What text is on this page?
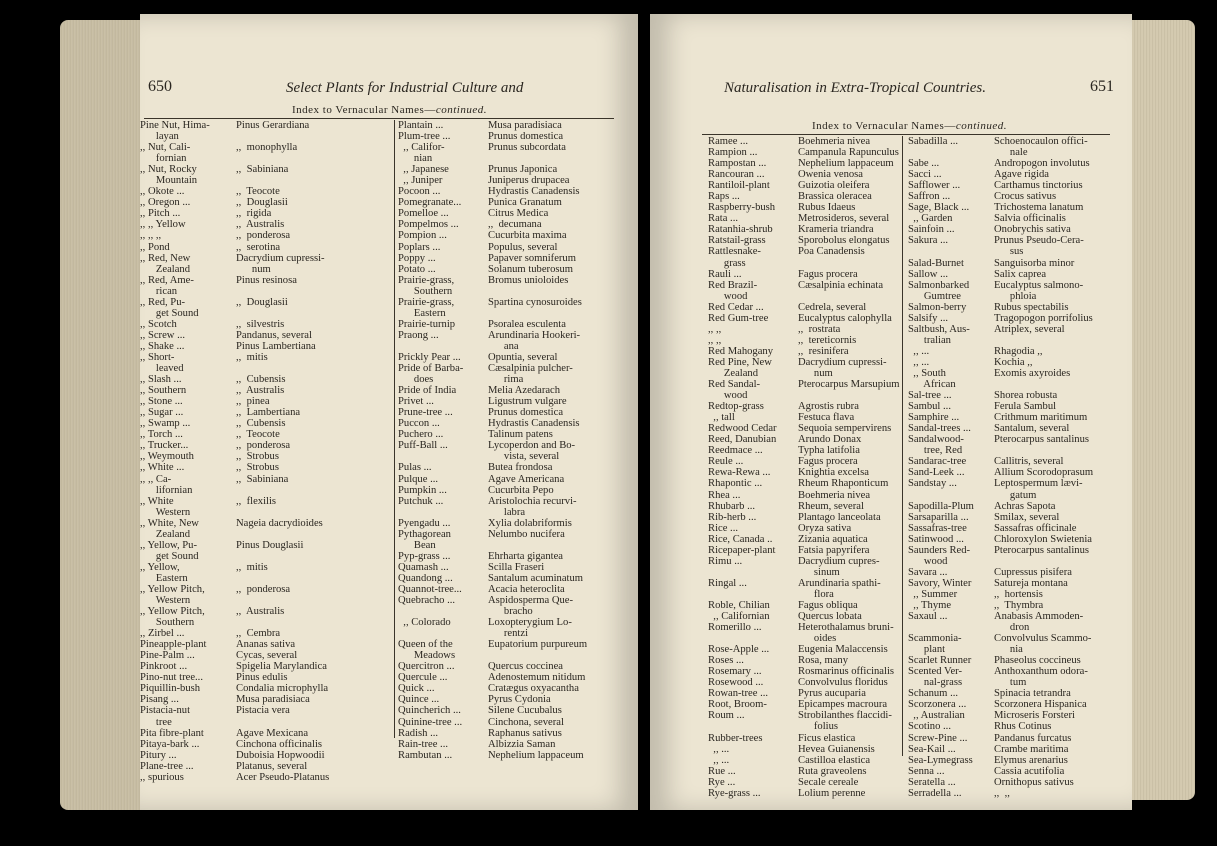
650	Select Plants for Industrial Culture and
Index to Vernacular Names—continued.
Pine Nut, Hima-	Pinus Gerardiana
layan
,, Nut, Cali-	,,  monophylla
fornian
,, Nut, Rocky	,,  Sabiniana
Mountain
,, Okote ...	,,  Teocote
,, Oregon ...	,,  Douglasii
,, Pitch ...	,,  rigida
,, ,, Yellow	,,  Australis
,, ,, ,,	,,  ponderosa
,, Pond	,,  serotina
,, Red, New	Dacrydium cupressi-
Zealand	num
,, Red, Ame-	Pinus resinosa
rican
,, Red, Pu-	,,  Douglasii
get Sound
,, Scotch	,,  silvestris
,, Screw ...	Pandanus, several
,, Shake ...	Pinus Lambertiana
,, Short-	,,  mitis
leaved
,, Slash ...	,,  Cubensis
,, Southern	,,  Australis
,, Stone ...	,,  pinea
,, Sugar ...	,,  Lambertiana
,, Swamp ...	,,  Cubensis
,, Torch ...	,,  Teocote
,, Trucker...	,,  ponderosa
,, Weymouth	,,  Strobus
,, White ...	,,  Strobus
,, ,, Ca-	,,  Sabiniana
lifornian
,, White	,,  flexilis
Western
,, White, New	Nageia dacrydioides
Zealand
,, Yellow, Pu-	Pinus Douglasii
get Sound
,, Yellow,	,,  mitis
Eastern
,, Yellow Pitch,	,,  ponderosa
Western
,, Yellow Pitch,	,,  Australis
Southern
,, Zirbel ...	,,  Cembra
Pineapple-plant	Ananas sativa
Pine-Palm ...	Cycas, several
Pinkroot ...	Spigelia Marylandica
Pino-nut tree...	Pinus edulis
Piquillin-bush	Condalia microphylla
Pisang ...	Musa paradisiaca
Pistacia-nut	Pistacia vera
tree
Pita fibre-plant	Agave Mexicana
Pitaya-bark ...	Cinchona officinalis
Pitury ...	Duboisia Hopwoodii
Plane-tree ...	Platanus, several
,, spurious	Acer Pseudo-Platanus
Plantain ...	Musa paradisiaca
Plum-tree ...	Prunus domestica
,, Califor-	Prunus subcordata
nian
,, Japanese	Prunus Japonica
,, Juniper	Juniperus drupacea
Pocoon ...	Hydrastis Canadensis
Pomegranate...	Punica Granatum
Pomelloe ...	Citrus Medica
Pompelmos ...	,,  decumana
Pompion ...	Cucurbita maxima
Poplars ...	Populus, several
Poppy ...	Papaver somniferum
Potato ...	Solanum tuberosum
Prairie-grass,	Bromus unioloides
Southern
Prairie-grass,	Spartina cynosuroides
Eastern
Prairie-turnip	Psoralea esculenta
Praong ...	Arundinaria Hookeri-
ana
Prickly Pear ...	Opuntia, several
Pride of Barba-	Cæsalpinia pulcher-
does	rima
Pride of India	Melia Azedarach
Privet ...	Ligustrum vulgare
Prune-tree ...	Prunus domestica
Puccon ...	Hydrastis Canadensis
Puchero ...	Talinum patens
Puff-Ball ...	Lycoperdon and Bo-
vista, several
Pulas ...	Butea frondosa
Pulque ...	Agave Americana
Pumpkin ...	Cucurbita Pepo
Putchuk ...	Aristolochia recurvi-
labra
Pyengadu ...	Xylia dolabriformis
Pythagorean	Nelumbo nucifera
Bean
Pyp-grass ...	Ehrharta gigantea
Quamash ...	Scilla Fraseri
Quandong ...	Santalum acuminatum
Quannot-tree...	Acacia heteroclita
Quebracho ...	Aspidosperma Que-
bracho
,, Colorado	Loxopterygium Lo-
rentzi
Queen of the	Eupatorium purpureum
Meadows
Quercitron ...	Quercus coccinea
Quercule ...	Adenostemum nitidum
Quick ...	Cratægus oxyacantha
Quince ...	Pyrus Cydonia
Quincherich ...	Silene Cucubalus
Quinine-tree ...	Cinchona, several
Radish ...	Raphanus sativus
Rain-tree ...	Albizzia Saman
Rambutan ...	Nephelium lappaceum
Naturalisation in Extra-Tropical Countries.	651
Index to Vernacular Names—continued.
Ramee ...	Boehmeria nivea
Rampion ...	Campanula Rapunculus
Rampostan ...	Nephelium lappaceum
Rancouran ...	Owenia venosa
Rantiloil-plant	Guizotia oleifera
Raps ...	Brassica oleracea
Raspberry-bush	Rubus Idaeus
Rata ...	Metrosideros, several
Ratanhia-shrub	Krameria triandra
Ratstail-grass	Sporobolus elongatus
Rattlesnake-	Poa Canadensis
grass
Rauli ...	Fagus procera
Red Brazil-	Cæsalpinia echinata
wood
Red Cedar ...	Cedrela, several
Red Gum-tree	Eucalyptus calophylla
,, ,,	,,  rostrata
,, ,,	,,  tereticornis
Red Mahogany	,,  resinifera
Red Pine, New	Dacrydium cupressi-
Zealand	num
Red Sandal-	Pterocarpus Marsupium
wood
Redtop-grass	Agrostis rubra
,, tall	Festuca flava
Redwood Cedar	Sequoia sempervirens
Reed, Danubian	Arundo Donax
Reedmace ...	Typha latifolia
Reule ...	Fagus procera
Rewa-Rewa ...	Knightia excelsa
Rhapontic ...	Rheum Rhaponticum
Rhea ...	Boehmeria nivea
Rhubarb ...	Rheum, several
Rib-herb ...	Plantago lanceolata
Rice ...	Oryza sativa
Rice, Canada ..	Zizania aquatica
Ricepaper-plant	Fatsia papyrifera
Rimu ...	Dacrydium cupres-
sinum
Ringal ...	Arundinaria spathi-
flora
Roble, Chilian	Fagus obliqua
,, Californian	Quercus lobata
Romerillo ...	Heterothalamus bruni-
oides
Rose-Apple ...	Eugenia Malaccensis
Roses ...	Rosa, many
Rosemary ...	Rosmarinus officinalis
Rosewood ...	Convolvulus floridus
Rowan-tree ...	Pyrus aucuparia
Root, Broom-	Epicampes macroura
Roum ...	Strobilanthes flaccidi-
folius
Rubber-trees	Ficus elastica
,, ...	Hevea Guianensis
,, ...	Castilloa elastica
Rue ...	Ruta graveolens
Rye ...	Secale cereale
Rye-grass ...	Lolium perenne
Sabadilla ...	Schoenocaulon offici-
nale
Sabe ...	Andropogon involutus
Sacci ...	Agave rigida
Safflower ...	Carthamus tinctorius
Saffron ...	Crocus sativus
Sage, Black ...	Trichostema lanatum
,, Garden	Salvia officinalis
Sainfoin ...	Onobrychis sativa
Sakura ...	Prunus Pseudo-Cera-
sus
Salad-Burnet	Sanguisorba minor
Sallow ...	Salix caprea
Salmonbarked	Eucalyptus salmono-
Gumtree	phloia
Salmon-berry	Rubus spectabilis
Salsify ...	Tragopogon porrifolius
Saltbush, Aus-	Atriplex, several
tralian
,, ...	Rhagodia ,,
,, ...	Kochia ,,
,, South	Exomis axyroides
African
Sal-tree ...	Shorea robusta
Sambul ...	Ferula Sambul
Samphire ...	Crithmum maritimum
Sandal-trees ...	Santalum, several
Sandalwood-	Pterocarpus santalinus
tree, Red
Sandarac-tree	Callitris, several
Sand-Leek ...	Allium Scorodoprasum
Sandstay ...	Leptospermum lævi-
gatum
Sapodilla-Plum	Achras Sapota
Sarsaparilla ...	Smilax, several
Sassafras-tree	Sassafras officinale
Satinwood ...	Chloroxylon Swietenia
Saunders Red-	Pterocarpus santalinus
wood
Savara ...	Cupressus pisifera
Savory, Winter	Satureja montana
,, Summer	,,  hortensis
,, Thyme	,,  Thymbra
Saxaul ...	Anabasis Ammoden-
dron
Scammonia-	Convolvulus Scammo-
plant	nia
Scarlet Runner	Phaseolus coccineus
Scented Ver-	Anthoxanthum odora-
nal-grass	tum
Schanum ...	Spinacia tetrandra
Scorzonera ...	Scorzonera Hispanica
,, Australian	Microseris Forsteri
Scotino ...	Rhus Cotinus
Screw-Pine ...	Pandanus furcatus
Sea-Kail ...	Crambe maritima
Sea-Lymegrass	Elymus arenarius
Senna ...	Cassia acutifolia
Seratella ...	Ornithopus sativus
Serradella ...	,,  ,,
